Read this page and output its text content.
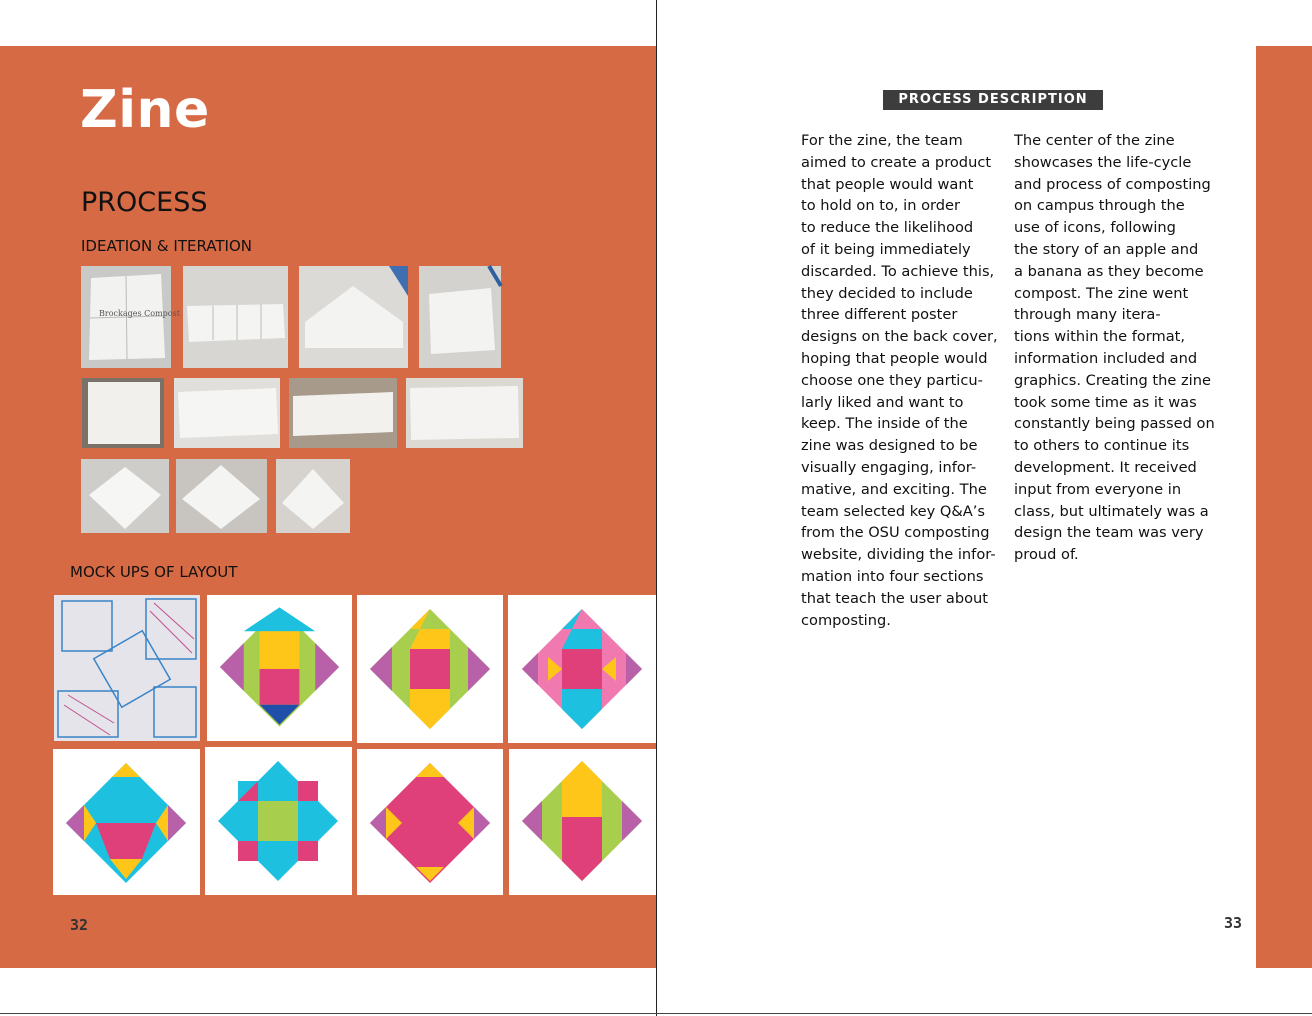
Zine
PROCESS
IDEATION & ITERATION
Brockages Compost
MOCK UPS OF LAYOUT
32
PROCESS DESCRIPTION
For the zine, the team
aimed to create a product
that people would want
to hold on to, in order
to reduce the likelihood
of it being immediately
discarded. To achieve this,
they decided to include
three different poster
designs on the back cover,
hoping that people would
choose one they particu-
larly liked and want to
keep. The inside of the
zine was designed to be
visually engaging, infor-
mative, and exciting. The
team selected key Q&A’s
from the OSU composting
website, dividing the infor-
mation into four sections
that teach the user about
composting.
The center of the zine
showcases the life-cycle
and process of composting
on campus through the
use of icons, following
the story of an apple and
a banana as they become
compost. The zine went
through many itera-
tions within the format,
information included and
graphics. Creating the zine
took some time as it was
constantly being passed on
to others to continue its
development. It received
input from everyone in
class, but ultimately was a
design the team was very
proud of.
33
